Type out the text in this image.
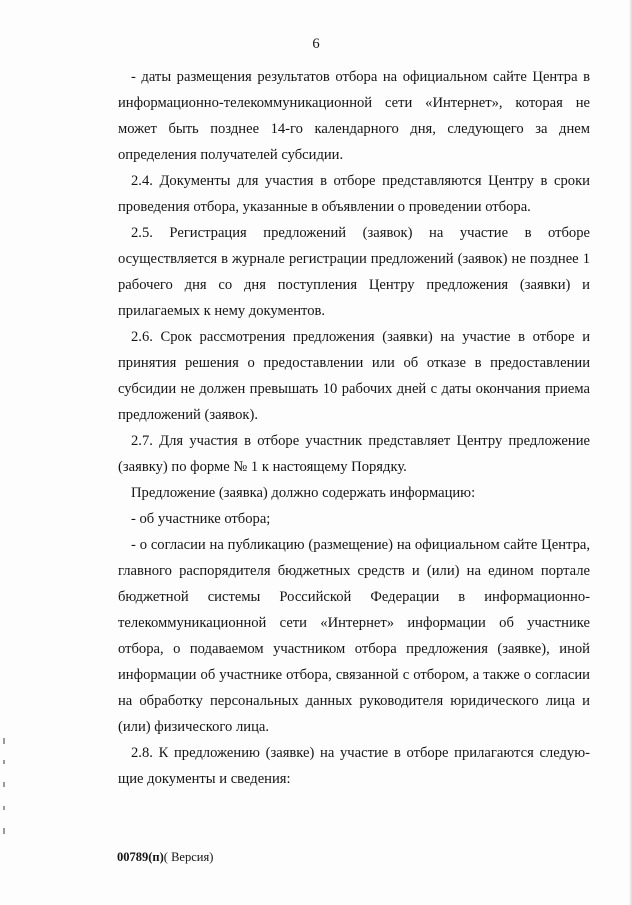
6

- даты размещения результатов отбора на официальном сайте Центра в информационно-телекоммуникационной сети «Интернет», которая не может быть позднее 14-го календарного дня, следующего за днем определения получателей субсидии.

2.4. Документы для участия в отборе представляются Центру в сроки проведения отбора, указанные в объявлении о проведении отбора.

2.5. Регистрация предложений (заявок) на участие в отборе осуществляется в журнале регистрации предложений (заявок) не позднее 1 рабочего дня со дня поступления Центру предложения (заявки) и прилагаемых к нему документов.

2.6. Срок рассмотрения предложения (заявки) на участие в отборе и принятия решения о предоставлении или об отказе в предоставлении субсидии не должен превышать 10 рабочих дней с даты окончания приема предложений (заявок).

2.7. Для участия в отборе участник представляет Центру предложение (заявку) по форме № 1 к настоящему Порядку.

Предложение (заявка) должно содержать информацию:

- об участнике отбора;

- о согласии на публикацию (размещение) на официальном сайте Центра, главного распорядителя бюджетных средств и (или) на едином портале бюджетной системы Российской Федерации в информационно-телекоммуникационной сети «Интернет» информации об участнике отбора, о подаваемом участником отбора предложения (заявке), иной информации об участнике отбора, связанной с отбором, а также о согласии на обработку персональных данных руководителя юридического лица и (или) физического лица.

2.8. К предложению (заявке) на участие в отборе прилагаются следую-щие документы и сведения:

00789(п)( Версия)
